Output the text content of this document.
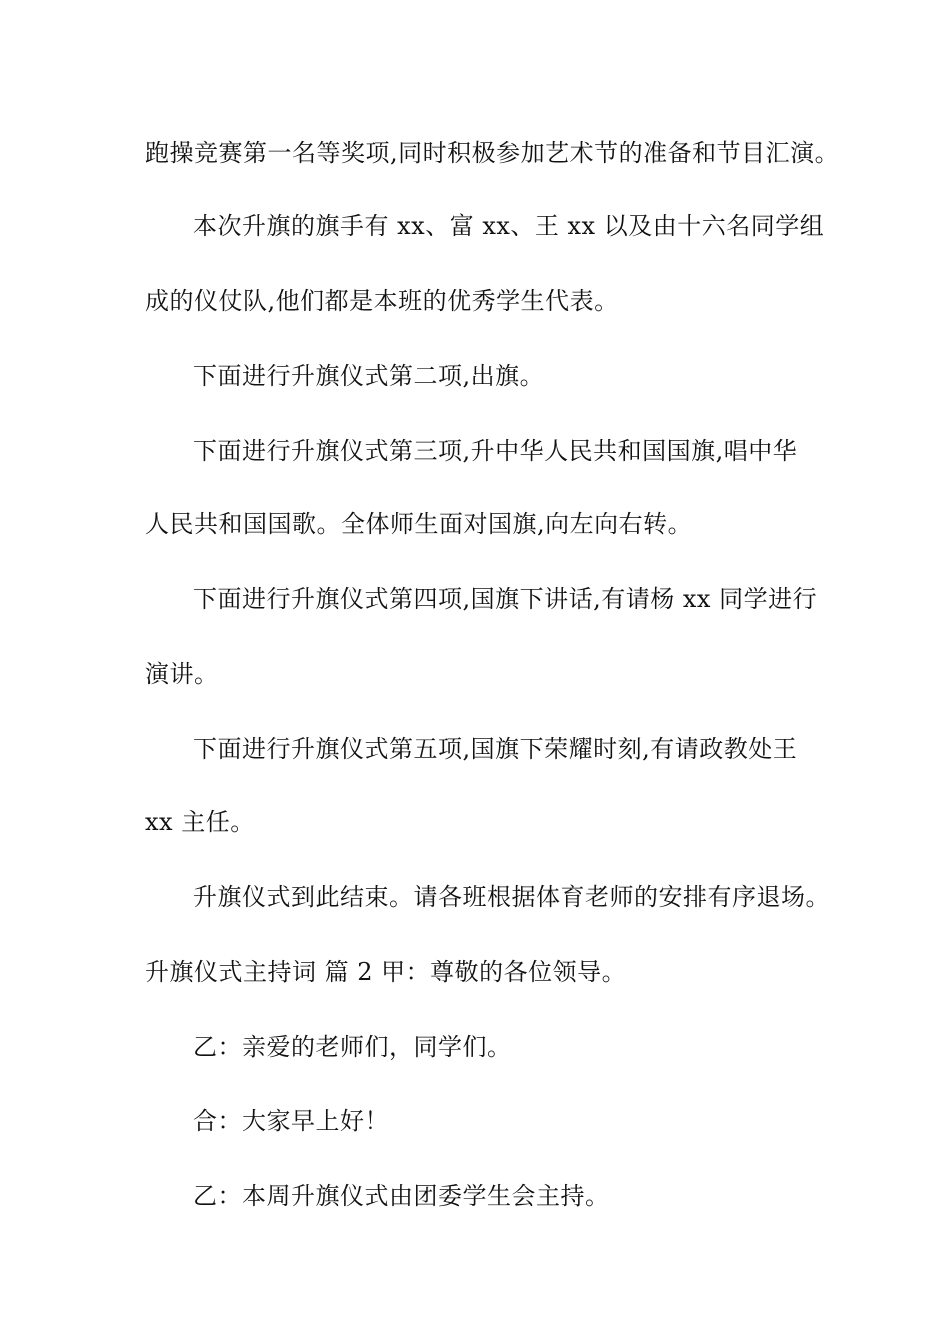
跑操竞赛第一名等奖项,同时积极参加艺术节的准备和节目汇演。
本次升旗的旗手有 xx、富 xx、王 xx 以及由十六名同学组
成的仪仗队,他们都是本班的优秀学生代表。
下面进行升旗仪式第二项,出旗。
下面进行升旗仪式第三项,升中华人民共和国国旗,唱中华
人民共和国国歌。全体师生面对国旗,向左向右转。
下面进行升旗仪式第四项,国旗下讲话,有请杨 xx 同学进行
演讲。
下面进行升旗仪式第五项,国旗下荣耀时刻,有请政教处王
xx 主任。
升旗仪式到此结束。请各班根据体育老师的安排有序退场。
升旗仪式主持词 篇 2 甲：尊敬的各位领导。
乙：亲爱的老师们，同学们。
合：大家早上好！
乙：本周升旗仪式由团委学生会主持。
